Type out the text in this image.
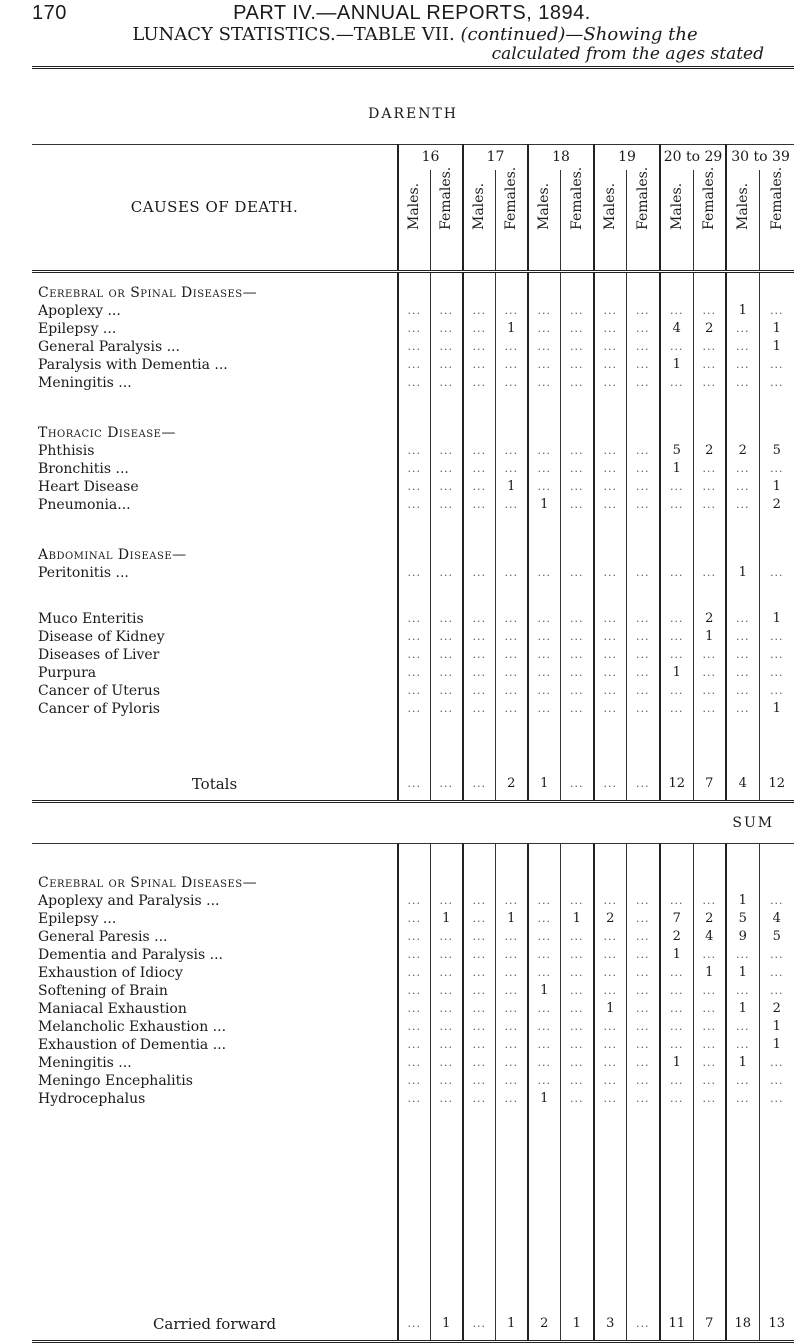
170	PART IV.—ANNUAL REPORTS, 1894.
LUNACY STATISTICS.—TABLE VII. (continued)—Showing the
calculated from the ages stated
DARENTH												
CAUSES OF DEATH.	16		17		18		19		20 to 29		30 to 39	

	Males.	Females.	Males.	Females.	Males.	Females.	Males.	Females.	Males.	Females.	Males.	Females.

Cerebral or Spinal Diseases—												
Apoplexy ...	...	...	...	...	...	...	...	...	...	...	1	...
Epilepsy ...	...	...	...	1	...	...	...	...	4	2	...	1
General Paralysis ...	...	...	...	...	...	...	...	...	...	...	...	1
Paralysis with Dementia ...	...	...	...	...	...	...	...	...	1	...	...	...
Meningitis ...	...	...	...	...	...	...	...	...	...	...	...	...

Thoracic Disease—												
Phthisis	...	...	...	...	...	...	...	...	5	2	2	5
Bronchitis ...	...	...	...	...	...	...	...	...	1	...	...	...
Heart Disease	...	...	...	1	...	...	...	...	...	...	...	1
Pneumonia...	...	...	...	...	1	...	...	...	...	...	...	2

Abdominal Disease—												
Peritonitis ...	...	...	...	...	...	...	...	...	...	...	1	...

Muco Enteritis	...	...	...	...	...	...	...	...	...	2	...	1
Disease of Kidney	...	...	...	...	...	...	...	...	...	1	...	...
Diseases of Liver	...	...	...	...	...	...	...	...	...	...	...	...
Purpura	...	...	...	...	...	...	...	...	1	...	...	...
Cancer of Uterus	...	...	...	...	...	...	...	...	...	...	...	...
Cancer of Pyloris	...	...	...	...	...	...	...	...	...	...	...	1

Totals	...	...	...	2	1	...	...	...	12	7	4	12
SUM												

Cerebral or Spinal Diseases—												
Apoplexy and Paralysis ...	...	...	...	...	...	...	...	...	...	...	1	...
Epilepsy ...	...	1	...	1	...	1	2	...	7	2	5	4
General Paresis ...	...	...	...	...	...	...	...	...	2	4	9	5
Dementia and Paralysis ...	...	...	...	...	...	...	...	...	1	...	...	...
Exhaustion of Idiocy	...	...	...	...	...	...	...	...	...	1	1	...
Softening of Brain	...	...	...	...	1	...	...	...	...	...	...	...
Maniacal Exhaustion	...	...	...	...	...	...	1	...	...	...	1	2
Melancholic Exhaustion ...	...	...	...	...	...	...	...	...	...	...	...	1
Exhaustion of Dementia ...	...	...	...	...	...	...	...	...	...	...	...	1
Meningitis ...	...	...	...	...	...	...	...	...	1	...	1	...
Meningo Encephalitis	...	...	...	...	...	...	...	...	...	...	...	...
Hydrocephalus	...	...	...	...	1	...	...	...	...	...	...	...

Carried forward	...	1	...	1	2	1	3	...	11	7	18	13
